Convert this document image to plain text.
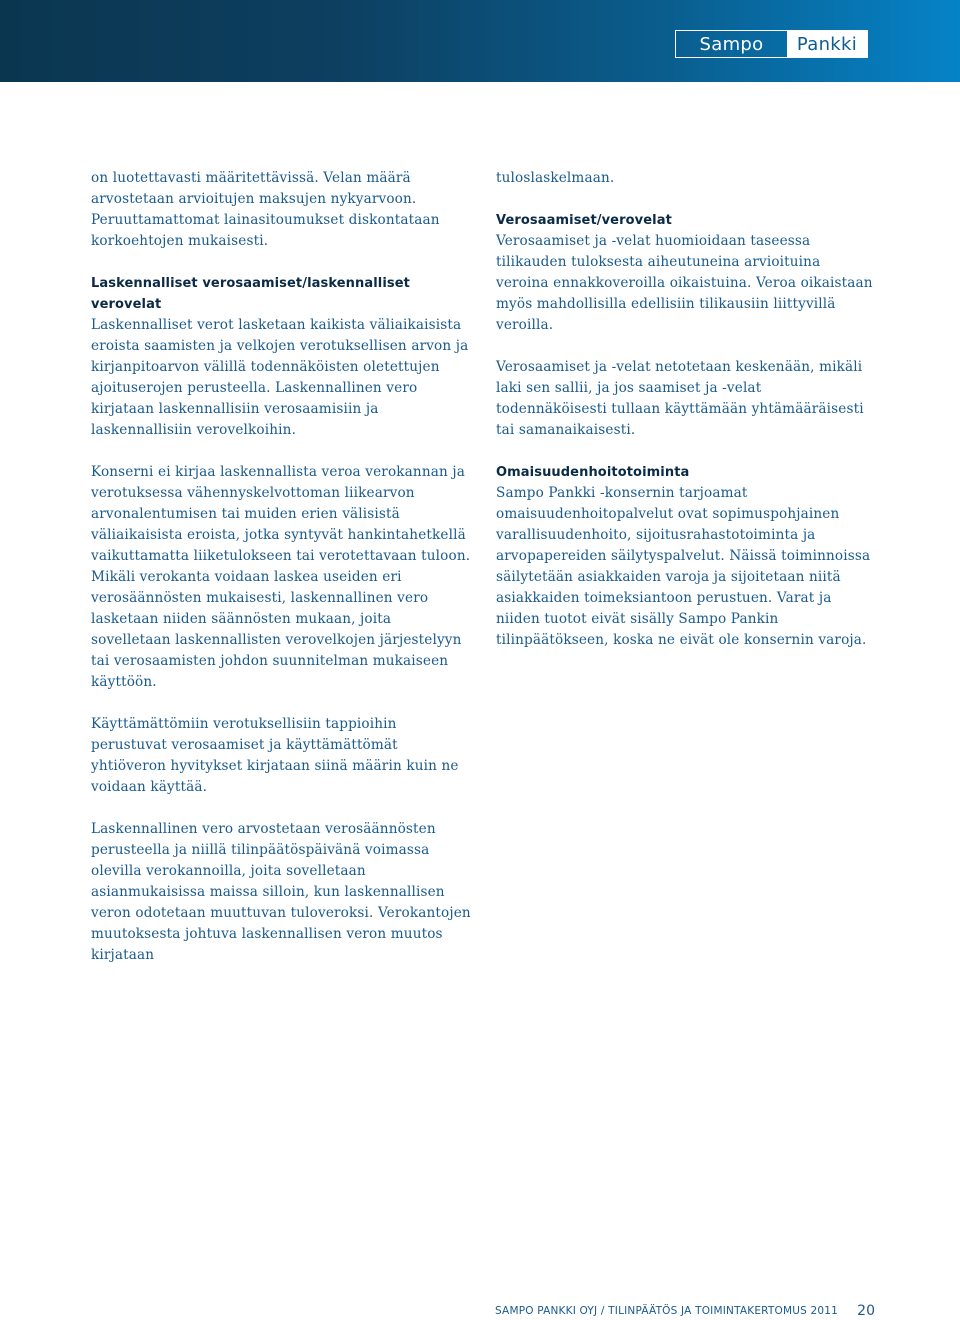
Sampo	Pankki

on luotettavasti määritettävissä. Velan määrä arvostetaan arvioitujen maksujen nykyarvoon. Peruuttamattomat lainasitoumukset diskontataan korkoehtojen mukaisesti.

Laskennalliset verosaamiset/laskennalliset verovelat

Laskennalliset verot lasketaan kaikista väliaikaisista eroista saamisten ja velkojen verotuksellisen arvon ja kirjanpitoarvon välillä todennäköisten oletettujen ajoituserojen perusteella. Laskennallinen vero kirjataan laskennallisiin verosaamisiin ja laskennallisiin verovelkoihin.

Konserni ei kirjaa laskennallista veroa verokannan ja verotuksessa vähennyskelvottoman liikearvon arvonalentumisen tai muiden erien välisistä väliaikaisista eroista, jotka syntyvät hankintahetkellä vaikuttamatta liiketulokseen tai verotettavaan tuloon. Mikäli verokanta voidaan laskea useiden eri verosäännösten mukaisesti, laskennallinen vero lasketaan niiden säännösten mukaan, joita sovelletaan laskennallisten verovelkojen järjestelyyn tai verosaamisten johdon suunnitelman mukaiseen käyttöön.

Käyttämättömiin verotuksellisiin tappioihin perustuvat verosaamiset ja käyttämättömät yhtiöveron hyvitykset kirjataan siinä määrin kuin ne voidaan käyttää.

Laskennallinen vero arvostetaan verosäännösten perusteella ja niillä tilinpäätöspäivänä voimassa olevilla verokannoilla, joita sovelletaan asianmukaisissa maissa silloin, kun laskennallisen veron odotetaan muuttuvan tuloveroksi. Verokantojen muutoksesta johtuva laskennallisen veron muutos kirjataan

tuloslaskelmaan.

Verosaamiset/verovelat

Verosaamiset ja -velat huomioidaan taseessa tilikauden tuloksesta aiheutuneina arvioituina veroina ennakkoveroilla oikaistuina. Veroa oikaistaan myös mahdollisilla edellisiin tilikausiin liittyvillä veroilla.

Verosaamiset ja -velat netotetaan keskenään, mikäli laki sen sallii, ja jos saamiset ja -velat todennäköisesti tullaan käyttämään yhtämääräisesti tai samanaikaisesti.

Omaisuudenhoitotoiminta

Sampo Pankki -konsernin tarjoamat omaisuudenhoitopalvelut ovat sopimuspohjainen varallisuudenhoito, sijoitusrahastotoiminta ja arvopapereiden säilytyspalvelut. Näissä toiminnoissa säilytetään asiakkaiden varoja ja sijoitetaan niitä asiakkaiden toimeksiantoon perustuen. Varat ja niiden tuotot eivät sisälly Sampo Pankin tilinpäätökseen, koska ne eivät ole konsernin varoja.

SAMPO PANKKI OYJ / TILINPÄÄTÖS JA TOIMINTAKERTOMUS 2011 20
